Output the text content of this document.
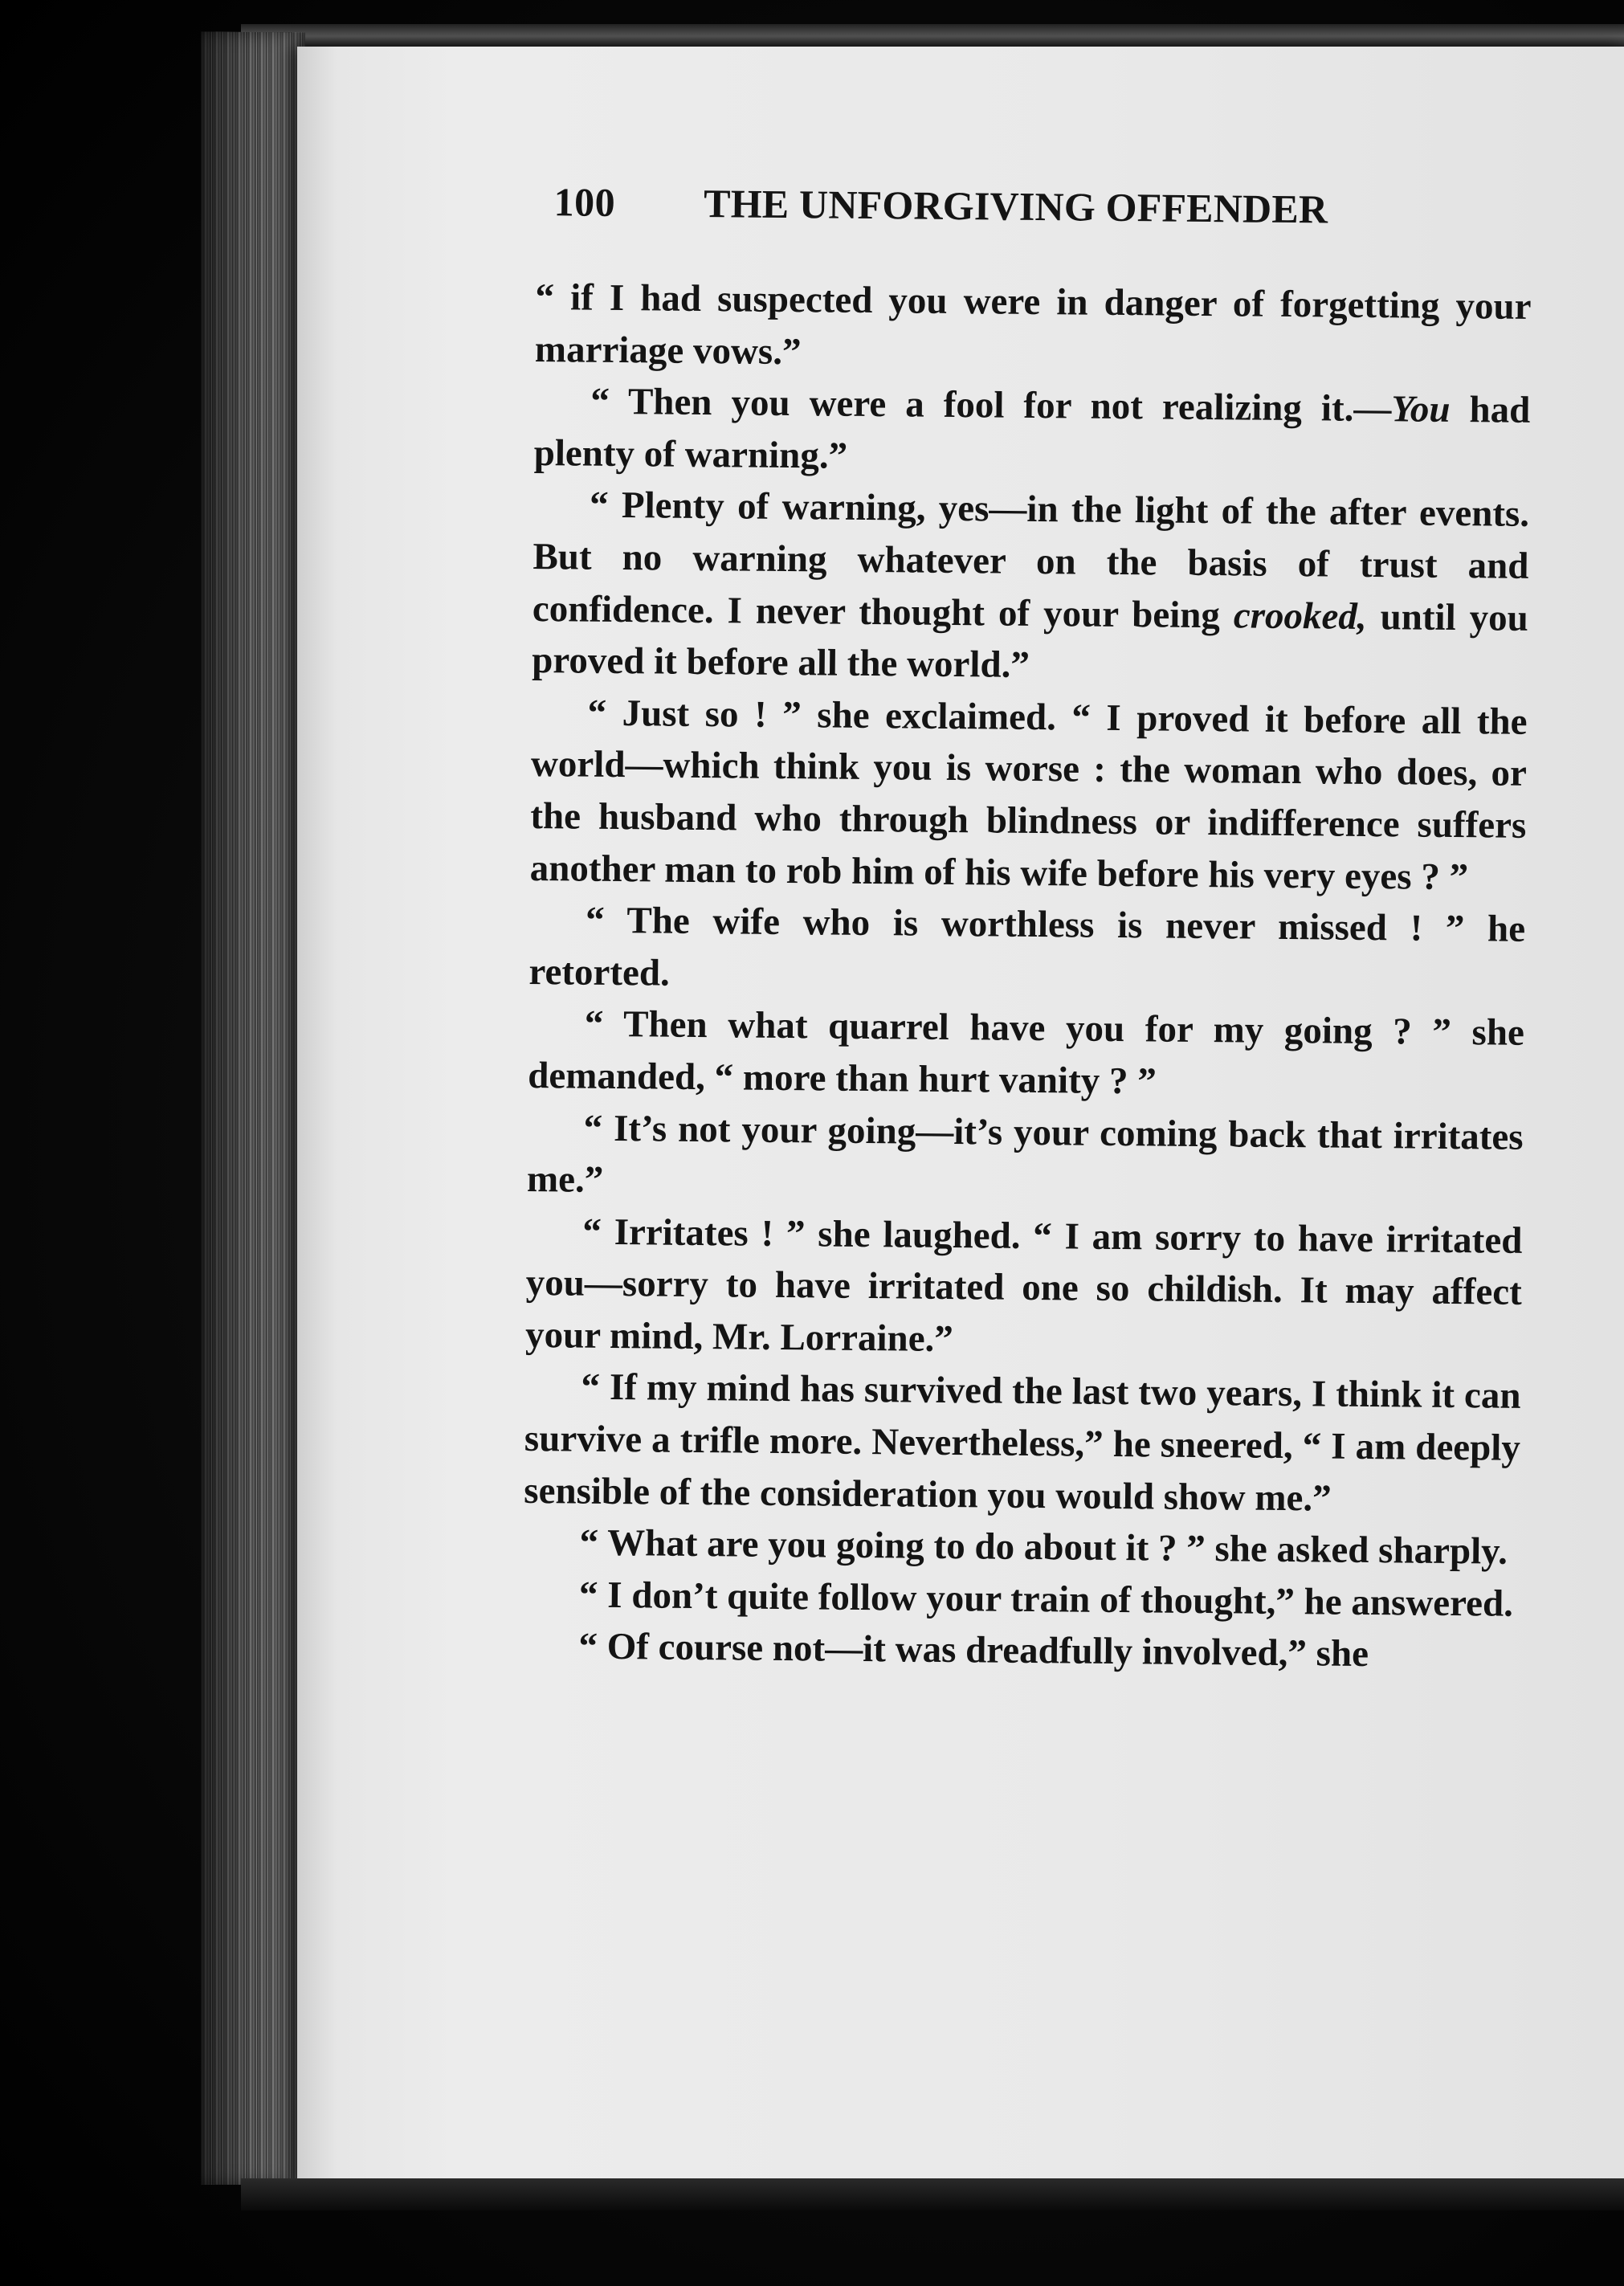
100 THE UNFORGIVING OFFENDER

“ if I had suspected you were in danger of forgetting your marriage vows.”

“ Then you were a fool for not realizing it.—You had plenty of warning.”

“ Plenty of warning, yes—in the light of the after events. But no warning whatever on the basis of trust and confidence. I never thought of your being crooked, until you proved it before all the world.”

“ Just so ! ” she exclaimed. “ I proved it before all the world—which think you is worse : the woman who does, or the husband who through blindness or indifference suffers another man to rob him of his wife before his very eyes ? ”

“ The wife who is worthless is never missed ! ” he retorted.

“ Then what quarrel have you for my going ? ” she demanded, “ more than hurt vanity ? ”

“ It’s not your going—it’s your coming back that irritates me.”

“ Irritates ! ” she laughed. “ I am sorry to have irritated you—sorry to have irritated one so childish. It may affect your mind, Mr. Lorraine.”

“ If my mind has survived the last two years, I think it can survive a trifle more. Nevertheless,” he sneered, “ I am deeply sensible of the consideration you would show me.”

“ What are you going to do about it ? ” she asked sharply.

“ I don’t quite follow your train of thought,” he answered.

“ Of course not—it was dreadfully involved,” she
